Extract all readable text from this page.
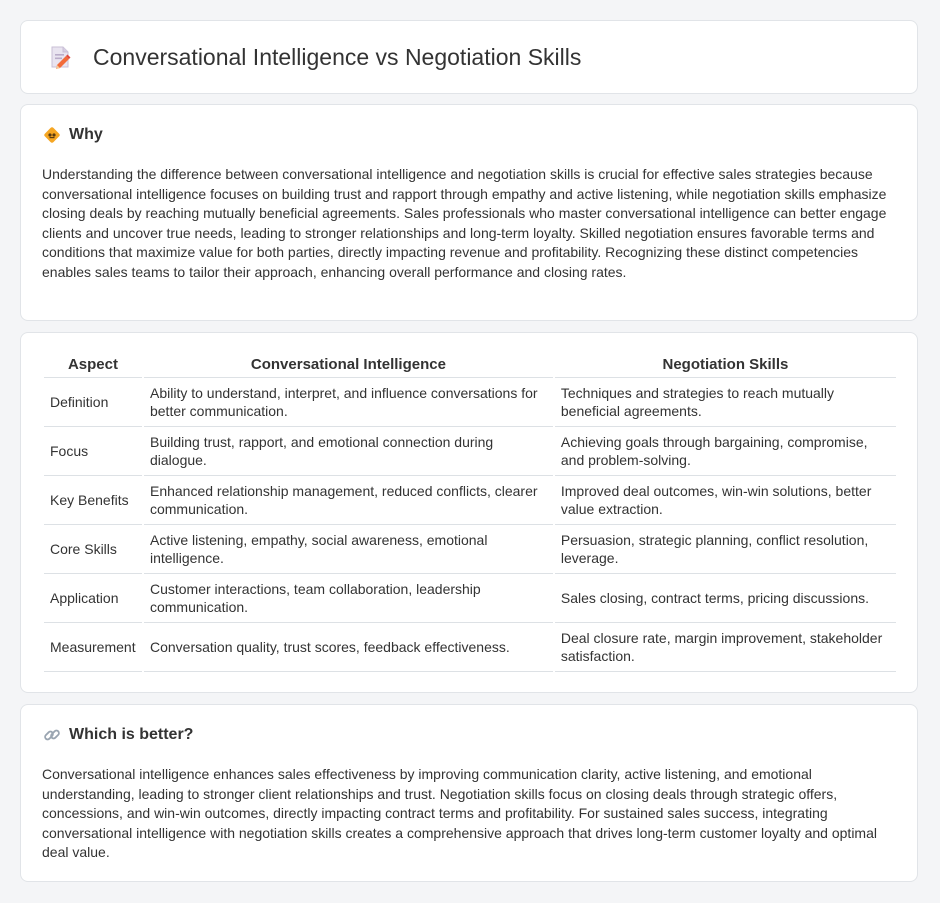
Conversational Intelligence vs Negotiation Skills
Why

Understanding the difference between conversational intelligence and negotiation skills is crucial for effective sales strategies because conversational intelligence focuses on building trust and rapport through empathy and active listening, while negotiation skills emphasize closing deals by reaching mutually beneficial agreements. Sales professionals who master conversational intelligence can better engage clients and uncover true needs, leading to stronger relationships and long-term loyalty. Skilled negotiation ensures favorable terms and conditions that maximize value for both parties, directly impacting revenue and profitability. Recognizing these distinct competencies enables sales teams to tailor their approach, enhancing overall performance and closing rates.

Aspect	Conversational Intelligence	Negotiation Skills
Definition	Ability to understand, interpret, and influence conversations for better communication.	Techniques and strategies to reach mutually beneficial agreements.
Focus	Building trust, rapport, and emotional connection during dialogue.	Achieving goals through bargaining, compromise, and problem-solving.
Key Benefits	Enhanced relationship management, reduced conflicts, clearer communication.	Improved deal outcomes, win-win solutions, better value extraction.
Core Skills	Active listening, empathy, social awareness, emotional intelligence.	Persuasion, strategic planning, conflict resolution, leverage.
Application	Customer interactions, team collaboration, leadership communication.	Sales closing, contract terms, pricing discussions.
Measurement	Conversation quality, trust scores, feedback effectiveness.	Deal closure rate, margin improvement, stakeholder satisfaction.
Which is better?

Conversational intelligence enhances sales effectiveness by improving communication clarity, active listening, and emotional understanding, leading to stronger client relationships and trust. Negotiation skills focus on closing deals through strategic offers, concessions, and win-win outcomes, directly impacting contract terms and profitability. For sustained sales success, integrating conversational intelligence with negotiation skills creates a comprehensive approach that drives long-term customer loyalty and optimal deal value.
